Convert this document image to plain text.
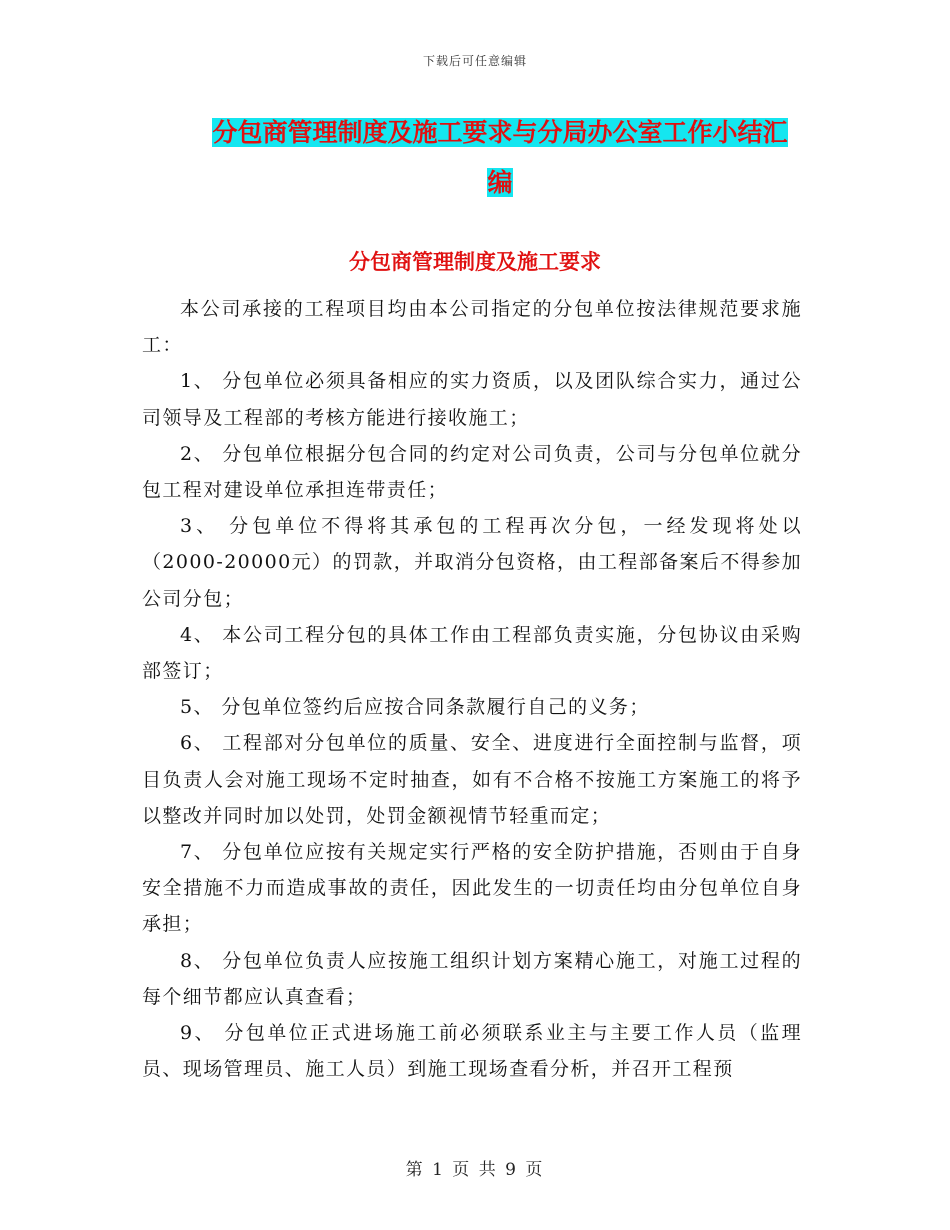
下载后可任意编辑
分包商管理制度及施工要求与分局办公室工作小结汇
编
分包商管理制度及施工要求

本公司承接的工程项目均由本公司指定的分包单位按法律规范要求施工：

1、 分包单位必须具备相应的实力资质，以及团队综合实力，通过公司领导及工程部的考核方能进行接收施工；

2、 分包单位根据分包合同的约定对公司负责，公司与分包单位就分包工程对建设单位承担连带责任；

3、 分包单位不得将其承包的工程再次分包，一经发现将处以（2000-20000元）的罚款，并取消分包资格，由工程部备案后不得参加公司分包；

4、 本公司工程分包的具体工作由工程部负责实施，分包协议由采购部签订；

5、 分包单位签约后应按合同条款履行自己的义务；

6、 工程部对分包单位的质量、安全、进度进行全面控制与监督，项目负责人会对施工现场不定时抽查，如有不合格不按施工方案施工的将予以整改并同时加以处罚，处罚金额视情节轻重而定；

7、 分包单位应按有关规定实行严格的安全防护措施，否则由于自身安全措施不力而造成事故的责任，因此发生的一切责任均由分包单位自身承担；

8、 分包单位负责人应按施工组织计划方案精心施工，对施工过程的每个细节都应认真查看；

9、 分包单位正式进场施工前必须联系业主与主要工作人员（监理员、现场管理员、施工人员）到施工现场查看分析，并召开工程预

第 1 页 共 9 页
